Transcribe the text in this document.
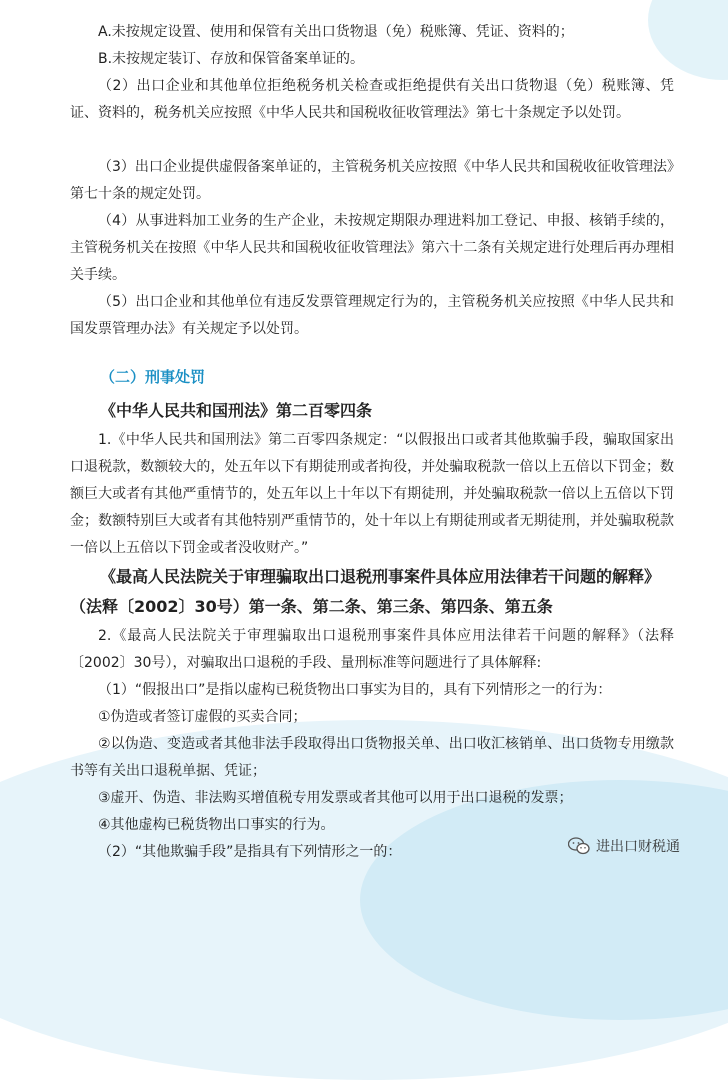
A.未按规定设置、使用和保管有关出口货物退（免）税账簿、凭证、资料的；

B.未按规定装订、存放和保管备案单证的。

（2）出口企业和其他单位拒绝税务机关检查或拒绝提供有关出口货物退（免）税账簿、凭证、资料的，税务机关应按照《中华人民共和国税收征收管理法》第七十条规定予以处罚。

（3）出口企业提供虚假备案单证的，主管税务机关应按照《中华人民共和国税收征收管理法》第七十条的规定处罚。

（4）从事进料加工业务的生产企业，未按规定期限办理进料加工登记、申报、核销手续的，主管税务机关在按照《中华人民共和国税收征收管理法》第六十二条有关规定进行处理后再办理相关手续。

（5）出口企业和其他单位有违反发票管理规定行为的，主管税务机关应按照《中华人民共和国发票管理办法》有关规定予以处罚。

（二）刑事处罚

《中华人民共和国刑法》第二百零四条

1.《中华人民共和国刑法》第二百零四条规定：“以假报出口或者其他欺骗手段，骗取国家出口退税款，数额较大的，处五年以下有期徒刑或者拘役，并处骗取税款一倍以上五倍以下罚金；数额巨大或者有其他严重情节的，处五年以上十年以下有期徒刑，并处骗取税款一倍以上五倍以下罚金；数额特别巨大或者有其他特别严重情节的，处十年以上有期徒刑或者无期徒刑，并处骗取税款一倍以上五倍以下罚金或者没收财产。”

《最高人民法院关于审理骗取出口退税刑事案件具体应用法律若干问题的解释》（法释〔2002〕30号）第一条、第二条、第三条、第四条、第五条

2.《最高人民法院关于审理骗取出口退税刑事案件具体应用法律若干问题的解释》（法释〔2002〕30号），对骗取出口退税的手段、量刑标准等问题进行了具体解释:

（1）“假报出口”是指以虚构已税货物出口事实为目的，具有下列情形之一的行为：

①伪造或者签订虚假的买卖合同；

②以伪造、变造或者其他非法手段取得出口货物报关单、出口收汇核销单、出口货物专用缴款书等有关出口退税单据、凭证；

③虚开、伪造、非法购买增值税专用发票或者其他可以用于出口退税的发票；

④其他虚构已税货物出口事实的行为。

（2）“其他欺骗手段”是指具有下列情形之一的：	进出口财税通
